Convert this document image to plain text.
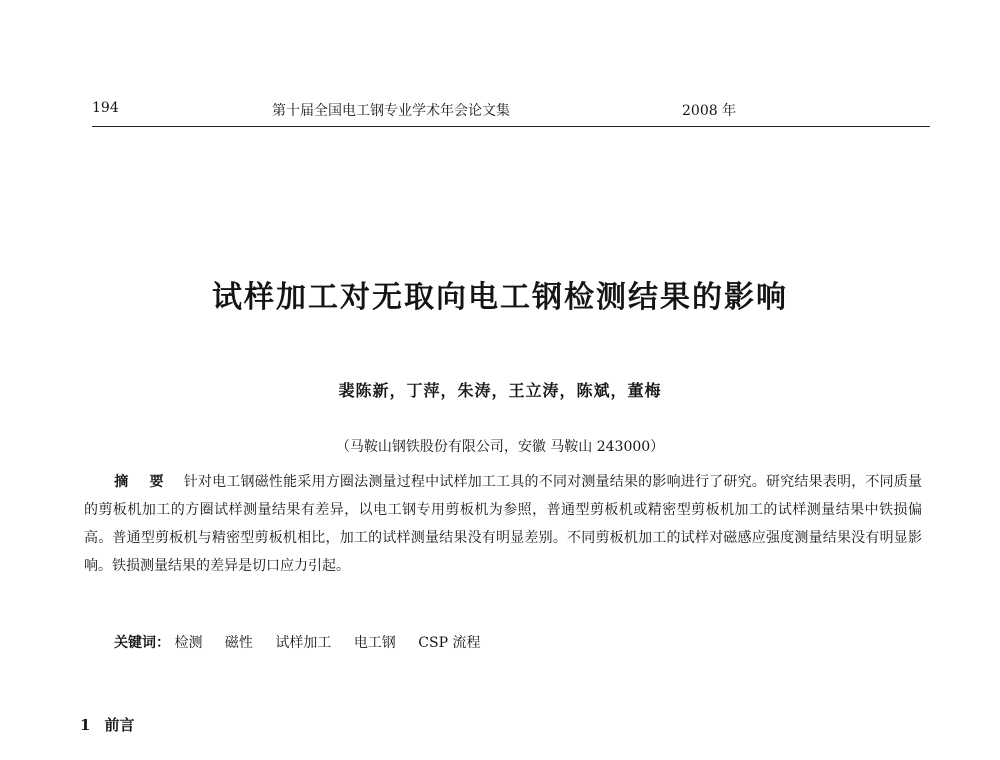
194	第十届全国电工钢专业学术年会论文集	2008 年
试样加工对无取向电工钢检测结果的影响
裴陈新，丁萍，朱涛，王立涛，陈斌，董梅
（马鞍山钢铁股份有限公司，安徽 马鞍山 243000）
摘 要 针对电工钢磁性能采用方圈法测量过程中试样加工工具的不同对测量结果的影响进行了研究。研究结果表明，不同质量的剪板机加工的方圈试样测量结果有差异，以电工钢专用剪板机为参照，普通型剪板机或精密型剪板机加工的试样测量结果中铁损偏高。普通型剪板机与精密型剪板机相比，加工的试样测量结果没有明显差别。不同剪板机加工的试样对磁感应强度测量结果没有明显影响。铁损测量结果的差异是切口应力引起。
关键词： 检测 磁性 试样加工 电工钢 CSP 流程
1 前言
